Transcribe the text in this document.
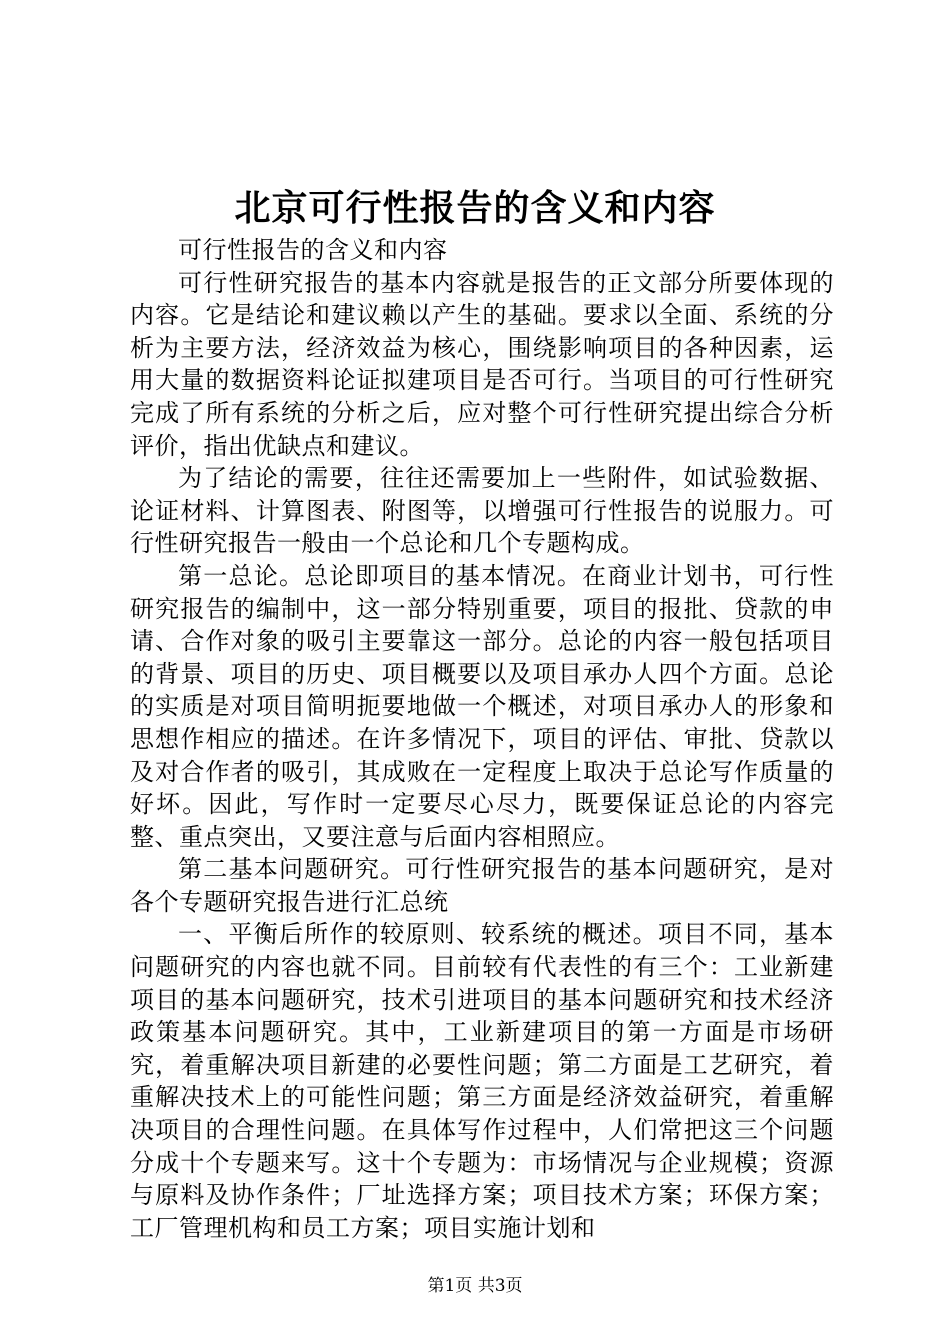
北京可行性报告的含义和内容

可行性报告的含义和内容

可行性研究报告的基本内容就是报告的正文部分所要体现的内容。它是结论和建议赖以产生的基础。要求以全面、系统的分析为主要方法，经济效益为核心，围绕影响项目的各种因素，运用大量的数据资料论证拟建项目是否可行。当项目的可行性研究完成了所有系统的分析之后，应对整个可行性研究提出综合分析评价，指出优缺点和建议。

为了结论的需要，往往还需要加上一些附件，如试验数据、论证材料、计算图表、附图等，以增强可行性报告的说服力。可行性研究报告一般由一个总论和几个专题构成。

第一总论。总论即项目的基本情况。在商业计划书，可行性研究报告的编制中，这一部分特别重要，项目的报批、贷款的申请、合作对象的吸引主要靠这一部分。总论的内容一般包括项目的背景、项目的历史、项目概要以及项目承办人四个方面。总论的实质是对项目简明扼要地做一个概述，对项目承办人的形象和思想作相应的描述。在许多情况下，项目的评估、审批、贷款以及对合作者的吸引，其成败在一定程度上取决于总论写作质量的好坏。因此，写作时一定要尽心尽力，既要保证总论的内容完整、重点突出，又要注意与后面内容相照应。

第二基本问题研究。可行性研究报告的基本问题研究，是对各个专题研究报告进行汇总统

一、平衡后所作的较原则、较系统的概述。项目不同，基本问题研究的内容也就不同。目前较有代表性的有三个：工业新建项目的基本问题研究，技术引进项目的基本问题研究和技术经济政策基本问题研究。其中，工业新建项目的第一方面是市场研究，着重解决项目新建的必要性问题；第二方面是工艺研究，着重解决技术上的可能性问题；第三方面是经济效益研究，着重解决项目的合理性问题。在具体写作过程中，人们常把这三个问题分成十个专题来写。这十个专题为：市场情况与企业规模；资源与原料及协作条件；厂址选择方案；项目技术方案；环保方案；工厂管理机构和员工方案；项目实施计划和

第1页 共3页
